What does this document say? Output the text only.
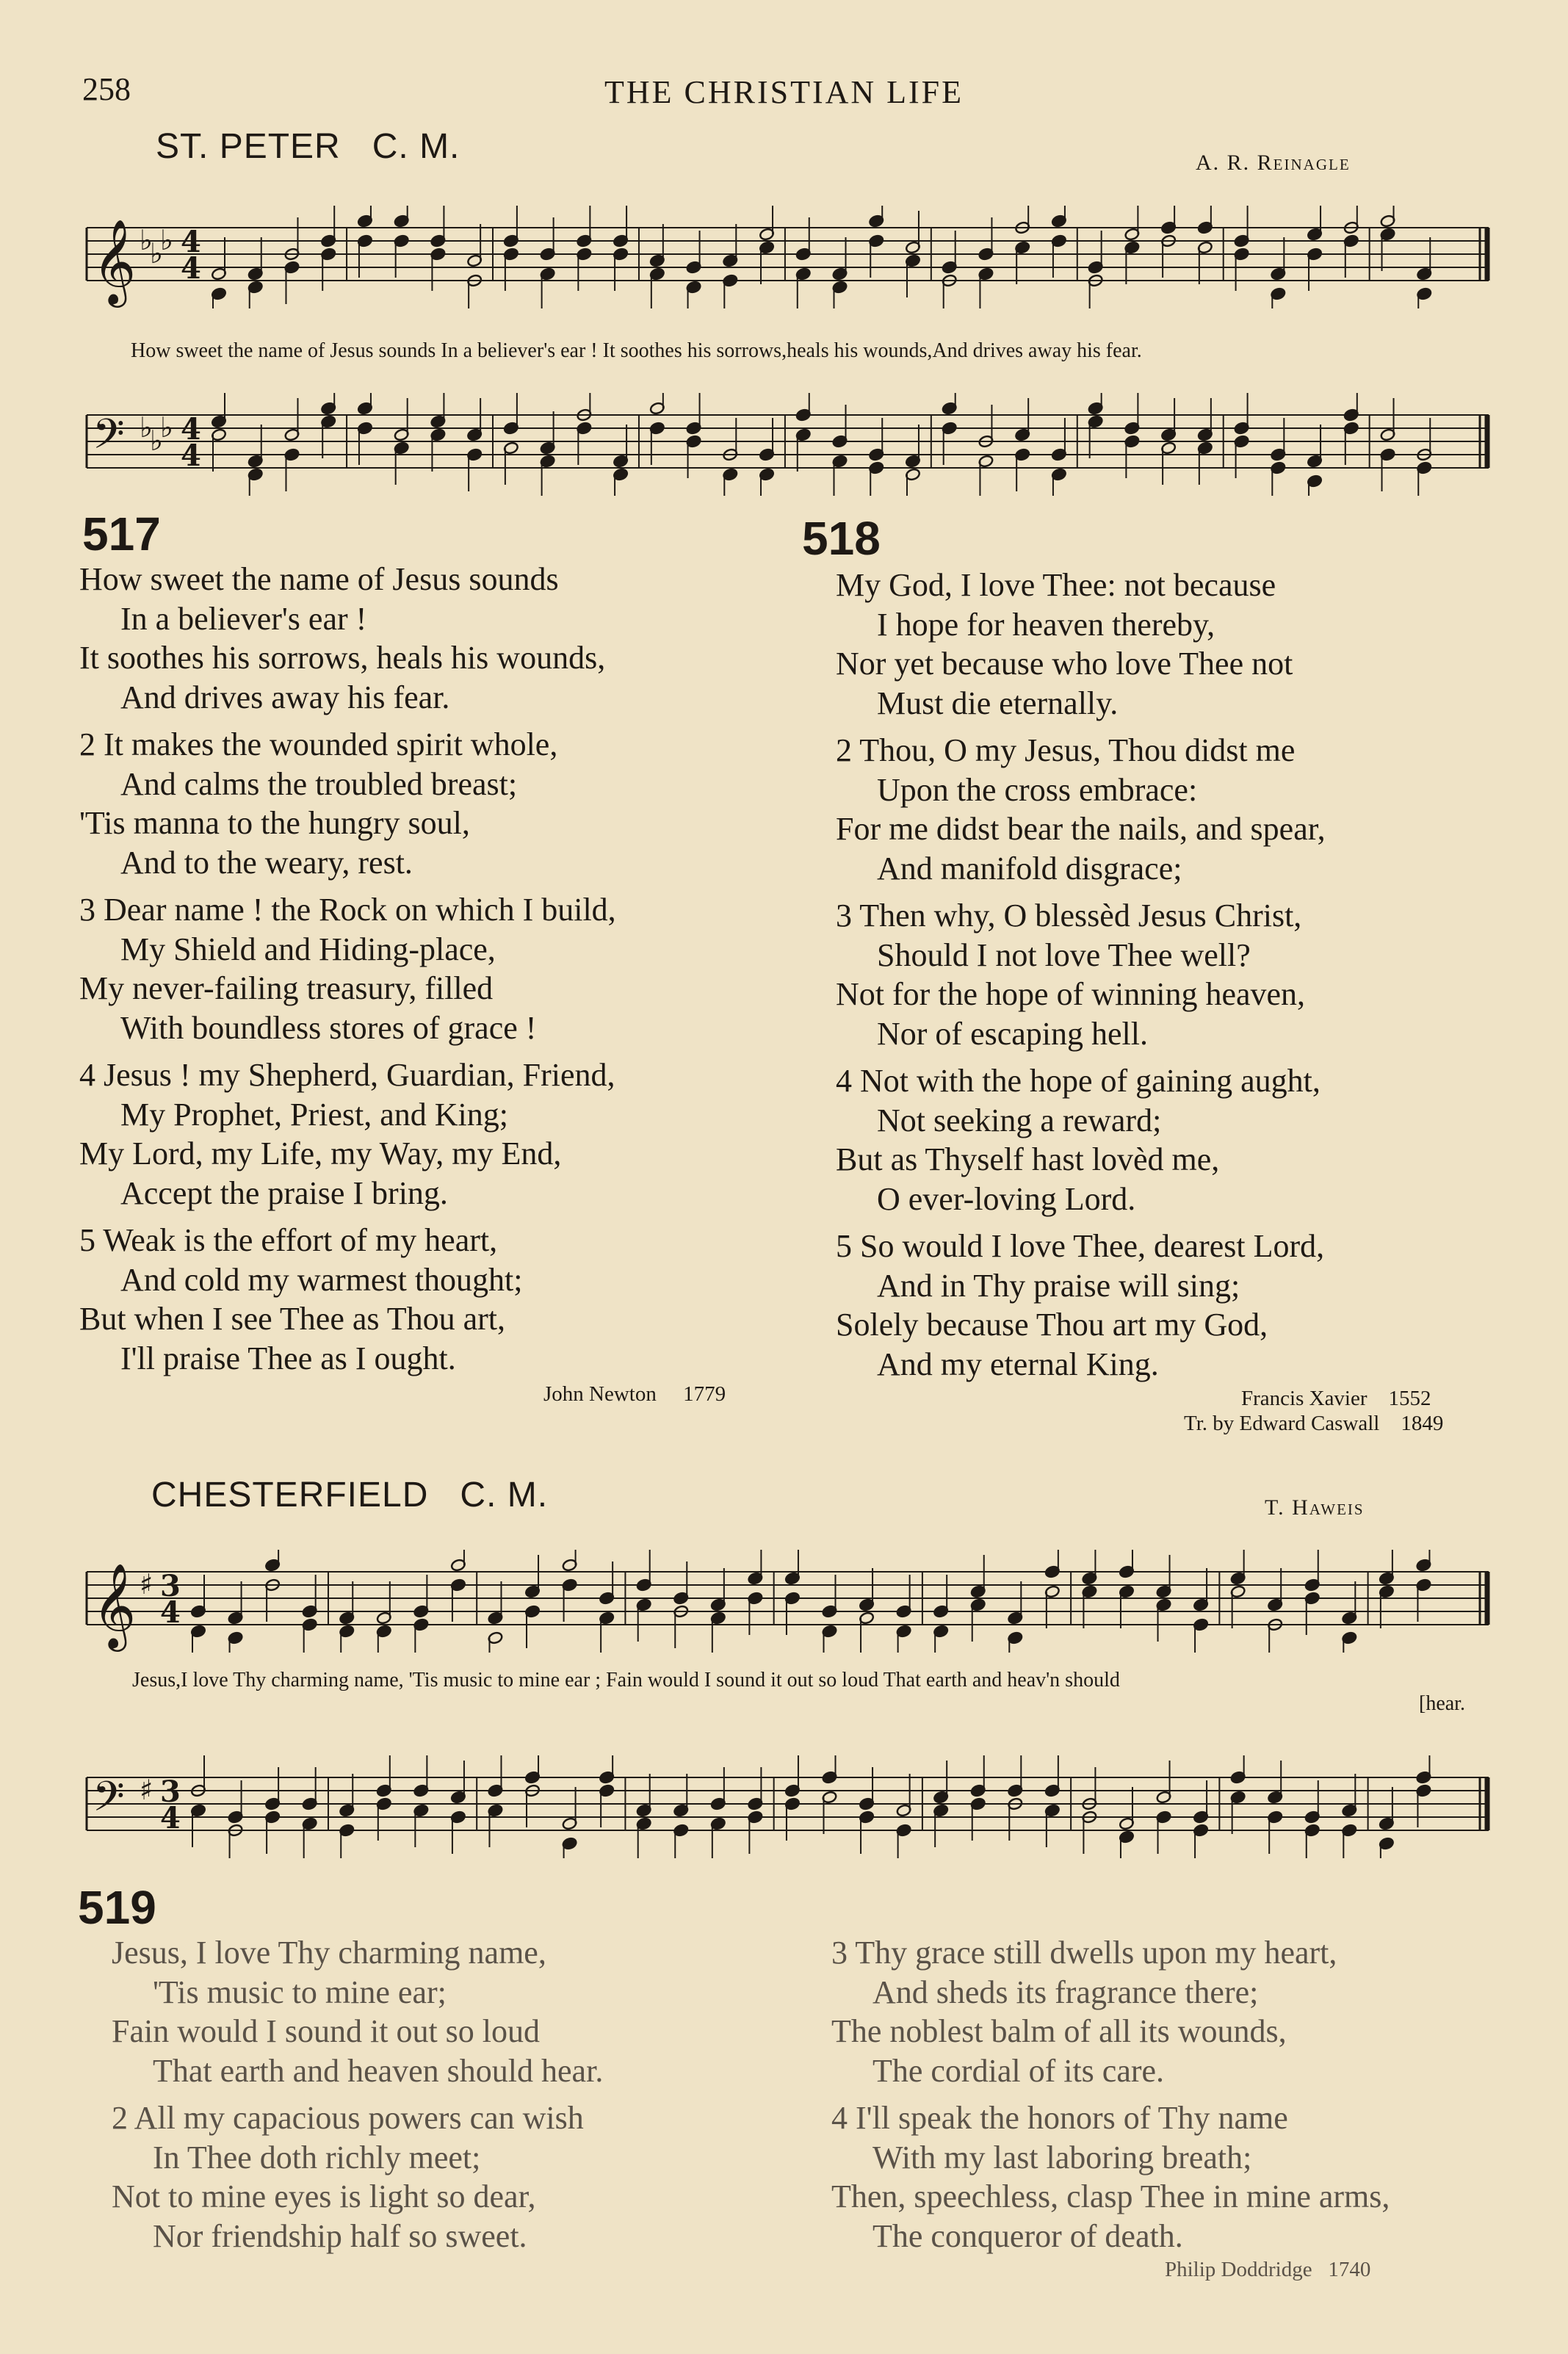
258	THE CHRISTIAN LIFE
ST. PETER   C. M.	A. R. Reinagle
𝄞 ♭
♭
♭ 4
4
How sweet the name of Jesus sounds In a believer's ear ! It soothes his sorrows,heals his wounds,And drives away his fear.
𝄢 ♭
♭
♭ 4
4
517
How sweet the name of Jesus sounds
In a believer's ear !
It soothes his sorrows, heals his wounds,
And drives away his fear.
2 It makes the wounded spirit whole,
And calms the troubled breast;
'Tis manna to the hungry soul,
And to the weary, rest.
3 Dear name ! the Rock on which I build,
My Shield and Hiding-place,
My never-failing treasury, filled
With boundless stores of grace !
4 Jesus ! my Shepherd, Guardian, Friend,
My Prophet, Priest, and King;
My Lord, my Life, my Way, my End,
Accept the praise I bring.
5 Weak is the effort of my heart,
And cold my warmest thought;
But when I see Thee as Thou art,
I'll praise Thee as I ought.
John Newton 1779
518
My God, I love Thee: not because
I hope for heaven thereby,
Nor yet because who love Thee not
Must die eternally.
2 Thou, O my Jesus, Thou didst me
Upon the cross embrace:
For me didst bear the nails, and spear,
And manifold disgrace;
3 Then why, O blessèd Jesus Christ,
Should I not love Thee well?
Not for the hope of winning heaven,
Nor of escaping hell.
4 Not with the hope of gaining aught,
Not seeking a reward;
But as Thyself hast lovèd me,
O ever-loving Lord.
5 So would I love Thee, dearest Lord,
And in Thy praise will sing;
Solely because Thou art my God,
And my eternal King.
Francis Xavier 1552
Tr. by Edward Caswall 1849
CHESTERFIELD   C. M.	T. Haweis
𝄞 ♯ 3
4
Jesus,I love Thy charming name, 'Tis music to mine ear ; Fain would I sound it out so loud That earth and heav'n should
[hear.
𝄢 ♯ 3
4
519
Jesus, I love Thy charming name,
'Tis music to mine ear;
Fain would I sound it out so loud
That earth and heaven should hear.
2 All my capacious powers can wish
In Thee doth richly meet;
Not to mine eyes is light so dear,
Nor friendship half so sweet.
3 Thy grace still dwells upon my heart,
And sheds its fragrance there;
The noblest balm of all its wounds,
The cordial of its care.
4 I'll speak the honors of Thy name
With my last laboring breath;
Then, speechless, clasp Thee in mine arms,
The conqueror of death.
Philip Doddridge 1740
